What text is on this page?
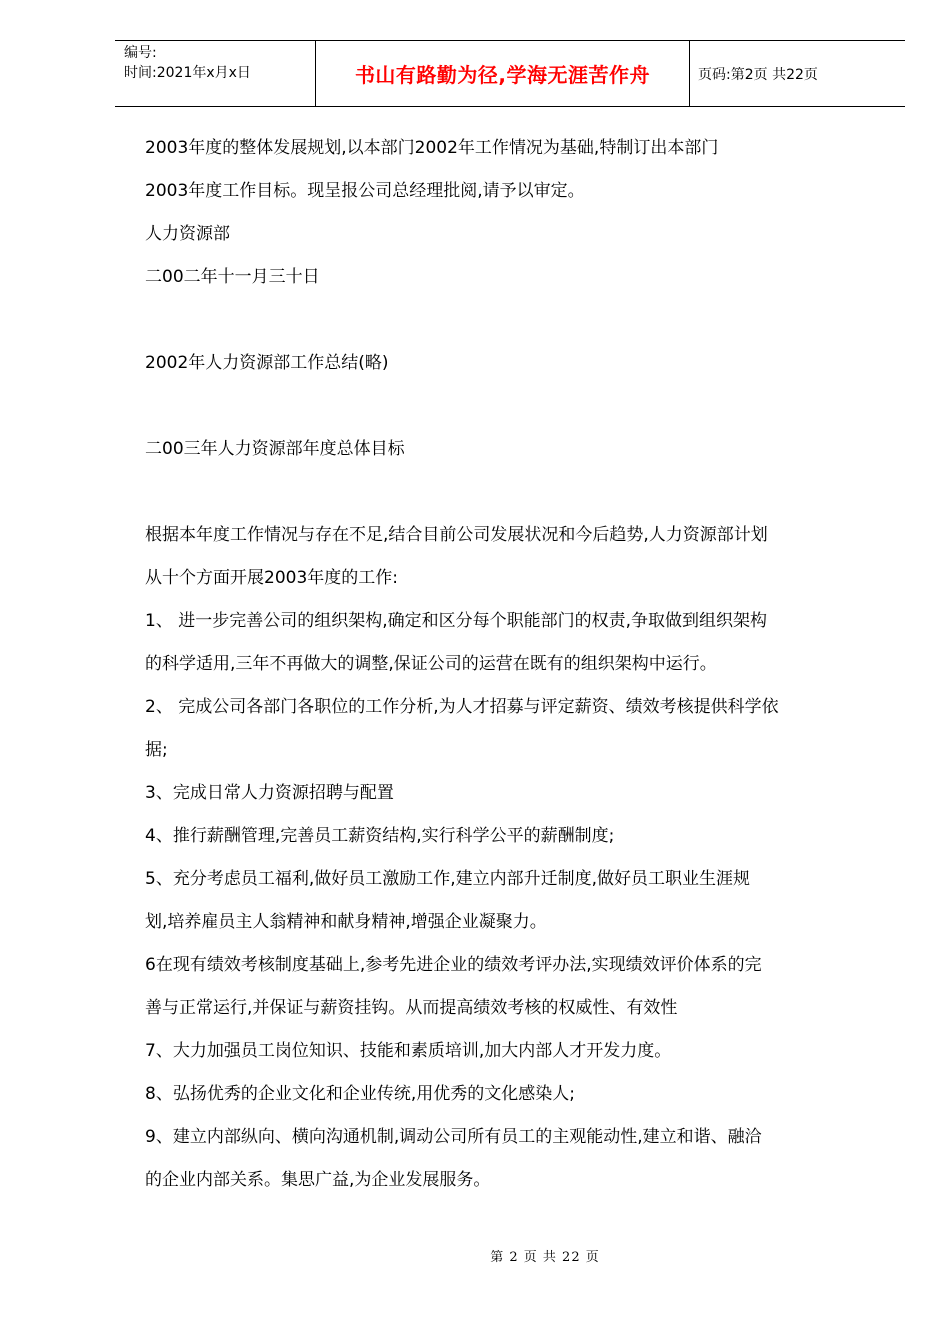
编号:
时间:2021年x月x日	书山有路勤为径,学海无涯苦作舟	页码:第2页 共22页
2003年度的整体发展规划,以本部门2002年工作情况为基础,特制订出本部门
2003年度工作目标。现呈报公司总经理批阅,请予以审定。
人力资源部
二00二年十一月三十日
2002年人力资源部工作总结(略)
二00三年人力资源部年度总体目标
根据本年度工作情况与存在不足,结合目前公司发展状况和今后趋势,人力资源部计划
从十个方面开展2003年度的工作:
1、 进一步完善公司的组织架构,确定和区分每个职能部门的权责,争取做到组织架构
的科学适用,三年不再做大的调整,保证公司的运营在既有的组织架构中运行。
2、 完成公司各部门各职位的工作分析,为人才招募与评定薪资、绩效考核提供科学依
据;
3、完成日常人力资源招聘与配置
4、推行薪酬管理,完善员工薪资结构,实行科学公平的薪酬制度;
5、充分考虑员工福利,做好员工激励工作,建立内部升迁制度,做好员工职业生涯规
划,培养雇员主人翁精神和献身精神,增强企业凝聚力。
6在现有绩效考核制度基础上,参考先进企业的绩效考评办法,实现绩效评价体系的完
善与正常运行,并保证与薪资挂钩。从而提高绩效考核的权威性、有效性
7、大力加强员工岗位知识、技能和素质培训,加大内部人才开发力度。
8、弘扬优秀的企业文化和企业传统,用优秀的文化感染人;
9、建立内部纵向、横向沟通机制,调动公司所有员工的主观能动性,建立和谐、融洽
的企业内部关系。集思广益,为企业发展服务。
第 2 页 共 22 页
